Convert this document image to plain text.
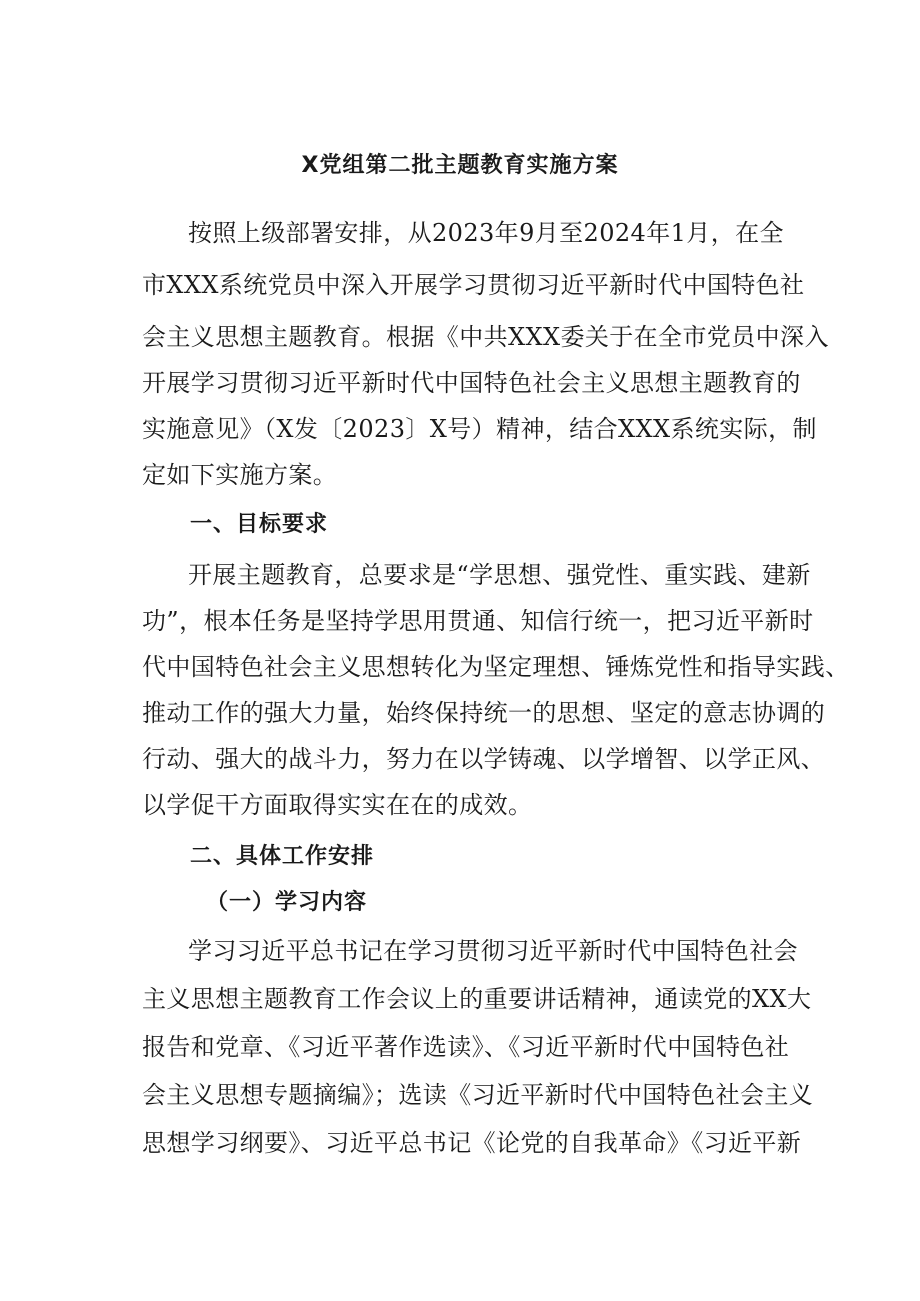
X党组第二批主题教育实施方案
按照上级部署安排，从2023年9月至2024年1月，在全
市XXX系统党员中深入开展学习贯彻习近平新时代中国特色社
会主义思想主题教育。根据《中共XXX委关于在全市党员中深入
开展学习贯彻习近平新时代中国特色社会主义思想主题教育的
实施意见》（X发〔2023〕X号）精神，结合XXX系统实际，制
定如下实施方案。
一、目标要求
开展主题教育，总要求是“学思想、强党性、重实践、建新
功”，根本任务是坚持学思用贯通、知信行统一，把习近平新时
代中国特色社会主义思想转化为坚定理想、锤炼党性和指导实践、
推动工作的强大力量，始终保持统一的思想、坚定的意志协调的
行动、强大的战斗力，努力在以学铸魂、以学增智、以学正风、
以学促干方面取得实实在在的成效。
二、具体工作安排
（一）学习内容
学习习近平总书记在学习贯彻习近平新时代中国特色社会
主义思想主题教育工作会议上的重要讲话精神，通读党的XX大
报告和党章、《习近平著作选读》、《习近平新时代中国特色社
会主义思想专题摘编》；选读《习近平新时代中国特色社会主义
思想学习纲要》、习近平总书记《论党的自我革命》《习近平新
